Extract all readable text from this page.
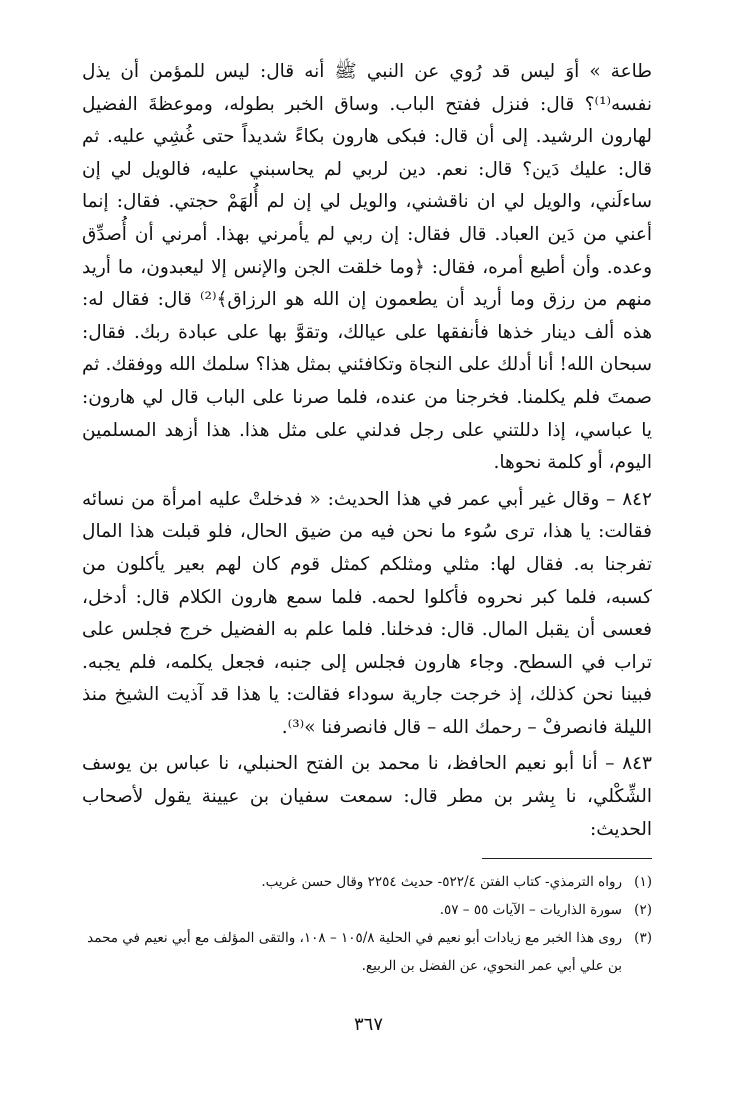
طاعة » أوَ ليس قد رُوي عن النبي ﷺ أنه قال: ليس للمؤمن أن يذل نفسه⁽¹⁾؟ قال: فنزل ففتح الباب. وساق الخبر بطوله، وموعظةَ الفضيل لهارون الرشيد. إلى أن قال: فبكى هارون بكاءً شديداً حتى غُشِي عليه. ثم قال: عليك دَين؟ قال: نعم. دين لربي لم يحاسبني عليه، فالويل لي إن ساءلَني، والويل لي ان ناقشني، والويل لي إن لم أُلهَمْ حجتي. فقال: إنما أعني من دَين العباد. قال فقال: إن ربي لم يأمرني بهذا. أمرني أن أُصدِّق وعده. وأن أطيع أمره، فقال: ﴿وما خلقت الجن والإنس إلا ليعبدون، ما أريد منهم من رزق وما أريد أن يطعمون إن الله هو الرزاق﴾⁽²⁾ قال: فقال له: هذه ألف دينار خذها فأنفقها على عيالك، وتقوَّ بها على عبادة ربك. فقال: سبحان الله! أنا أدلك على النجاة وتكافئني بمثل هذا؟ سلمك الله ووفقك. ثم صمتَ فلم يكلمنا. فخرجنا من عنده، فلما صرنا على الباب قال لي هارون: يا عباسي، إذا دللتني على رجل فدلني على مثل هذا. هذا أزهد المسلمين اليوم، أو كلمة نحوها.

٨٤٢ – وقال غير أبي عمر في هذا الحديث: « فدخلتْ عليه امرأة من نسائه فقالت: يا هذا، ترى سُوء ما نحن فيه من ضيق الحال، فلو قبلت هذا المال تفرجنا به. فقال لها: مثلي ومثلكم كمثل قوم كان لهم بعير يأكلون من كسبه، فلما كبر نحروه فأكلوا لحمه. فلما سمع هارون الكلام قال: أدخل، فعسى أن يقبل المال. قال: فدخلنا. فلما علم به الفضيل خرج فجلس على تراب في السطح. وجاء هارون فجلس إلى جنبه، فجعل يكلمه، فلم يجبه. فبينا نحن كذلك، إذ خرجت جارية سوداء فقالت: يا هذا قد آذيت الشيخ منذ الليلة فانصرفْ – رحمك الله – قال فانصرفنا »⁽³⁾.

٨٤٣ – أنا أبو نعيم الحافظ، نا محمد بن الفتح الحنبلي، نا عباس بن يوسف الشِّكْلي، نا بِشر بن مطر قال: سمعت سفيان بن عيينة يقول لأصحاب الحديث:

(١)
رواه الترمذي- كتاب الفتن ٥٢٢/٤- حديث ٢٢٥٤ وقال حسن غريب.
(٢)
سورة الذاريات – الآيات ٥٥ – ٥٧.
(٣)
روى هذا الخبر مع زيادات أبو نعيم في الحلية ١٠٥/٨ – ١٠٨، والتقى المؤلف مع أبي نعيم في محمد بن علي أبي عمر النحوي، عن الفضل بن الربيع.
٣٦٧
